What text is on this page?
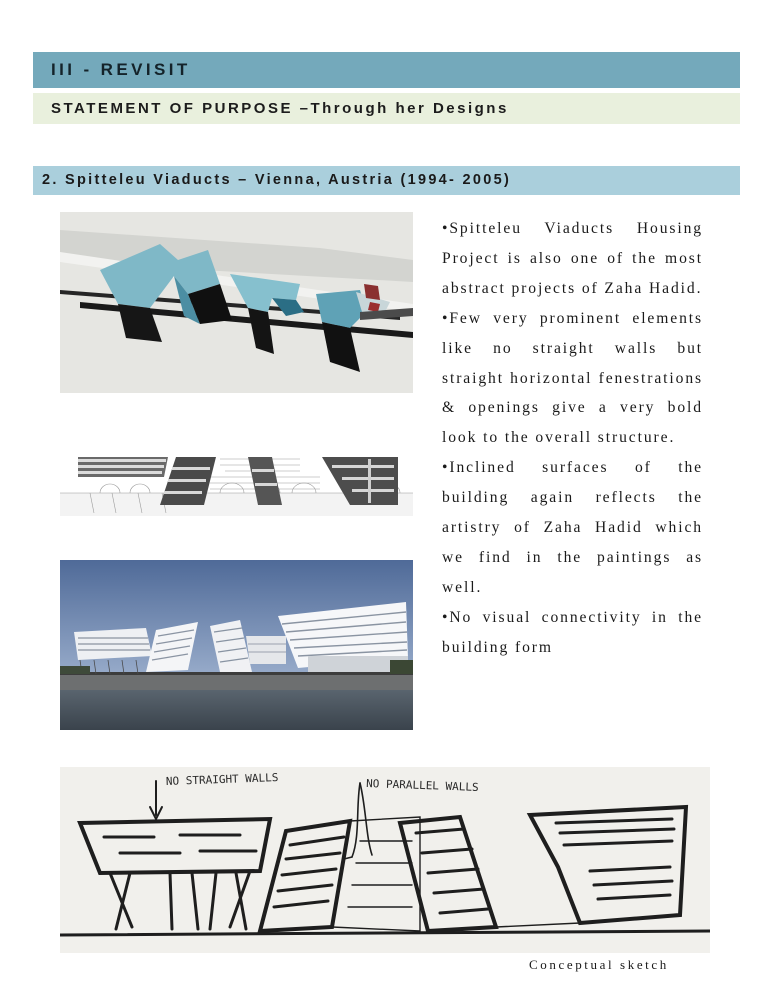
III - REVISIT
STATEMENT OF PURPOSE –Through her Designs
2. Spitteleu Viaducts – Vienna, Austria (1994- 2005)
•Spitteleu Viaducts Housing Project is also one of the most abstract projects of Zaha Hadid.
•Few very prominent elements like no straight walls but straight horizontal fenestrations & openings give a very bold look to the overall structure.
•Inclined surfaces of the building again reflects the artistry of Zaha Hadid which we find in the paintings as well.
•No visual connectivity in the building form
NO STRAIGHT WALLS	NO PARALLEL WALLS
Conceptual sketch
